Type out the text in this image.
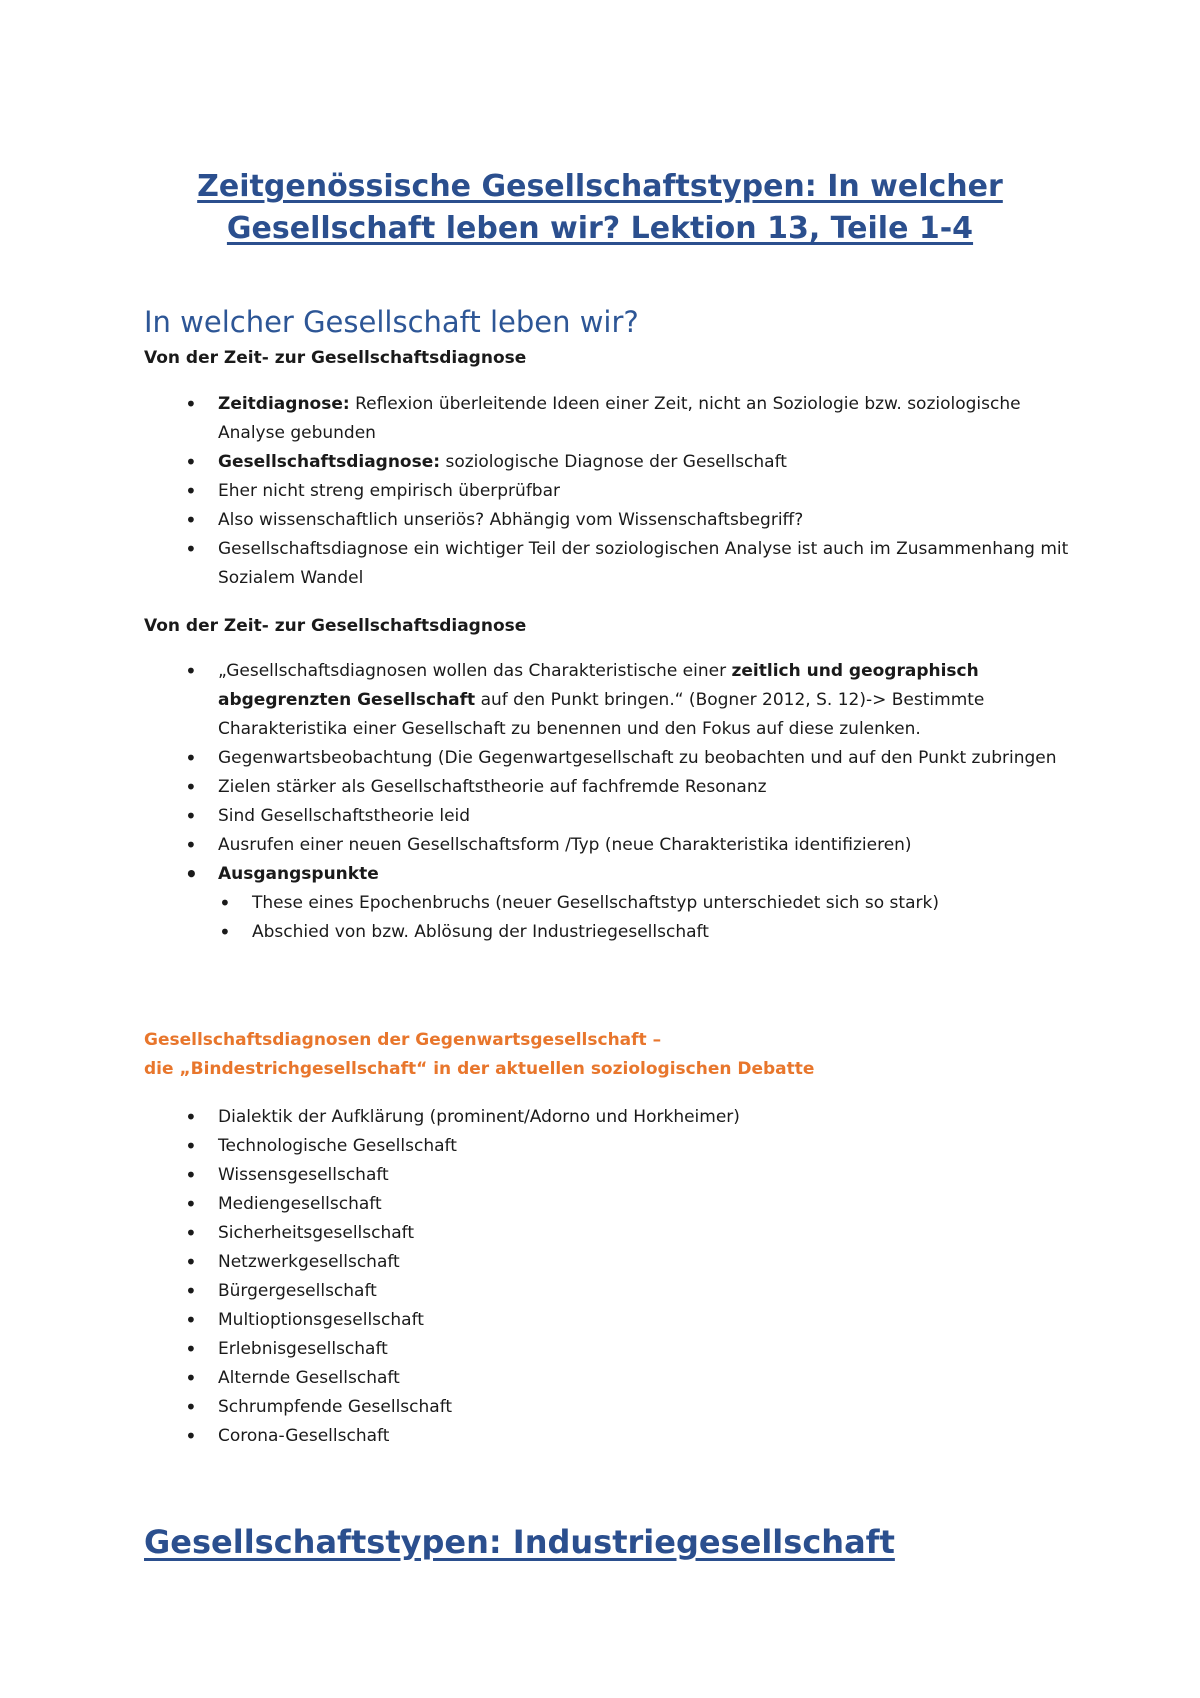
Zeitgenössische Gesellschaftstypen: In welcher
Gesellschaft leben wir? Lektion 13, Teile 1-4
In welcher Gesellschaft leben wir?

Von der Zeit- zur Gesellschaftsdiagnose

• Zeitdiagnose: Reflexion überleitende Ideen einer Zeit, nicht an Soziologie bzw. soziologische Analyse gebunden
• Gesellschaftsdiagnose: soziologische Diagnose der Gesellschaft
• Eher nicht streng empirisch überprüfbar
• Also wissenschaftlich unseriös? Abhängig vom Wissenschaftsbegriff?
• Gesellschaftsdiagnose ein wichtiger Teil der soziologischen Analyse ist auch im Zusammenhang mit Sozialem Wandel

Von der Zeit- zur Gesellschaftsdiagnose

• „Gesellschaftsdiagnosen wollen das Charakteristische einer zeitlich und geographisch abgegrenzten Gesellschaft auf den Punkt bringen.“ (Bogner 2012, S. 12)-> Bestimmte Charakteristika einer Gesellschaft zu benennen und den Fokus auf diese zulenken.
• Gegenwartsbeobachtung (Die Gegenwartgesellschaft zu beobachten und auf den Punkt zubringen
• Zielen stärker als Gesellschaftstheorie auf fachfremde Resonanz
• Sind Gesellschaftstheorie leid
• Ausrufen einer neuen Gesellschaftsform /Typ (neue Charakteristika identifizieren)
• Ausgangspunkte
• These eines Epochenbruchs (neuer Gesellschaftstyp unterschiedet sich so stark)
• Abschied von bzw. Ablösung der Industriegesellschaft

Gesellschaftsdiagnosen der Gegenwartsgesellschaft –
die „Bindestrichgesellschaft“ in der aktuellen soziologischen Debatte

• Dialektik der Aufklärung (prominent/Adorno und Horkheimer)
• Technologische Gesellschaft
• Wissensgesellschaft
• Mediengesellschaft
• Sicherheitsgesellschaft
• Netzwerkgesellschaft
• Bürgergesellschaft
• Multioptionsgesellschaft
• Erlebnisgesellschaft
• Alternde Gesellschaft
• Schrumpfende Gesellschaft
• Corona-Gesellschaft
Gesellschaftstypen: Industriegesellschaft
